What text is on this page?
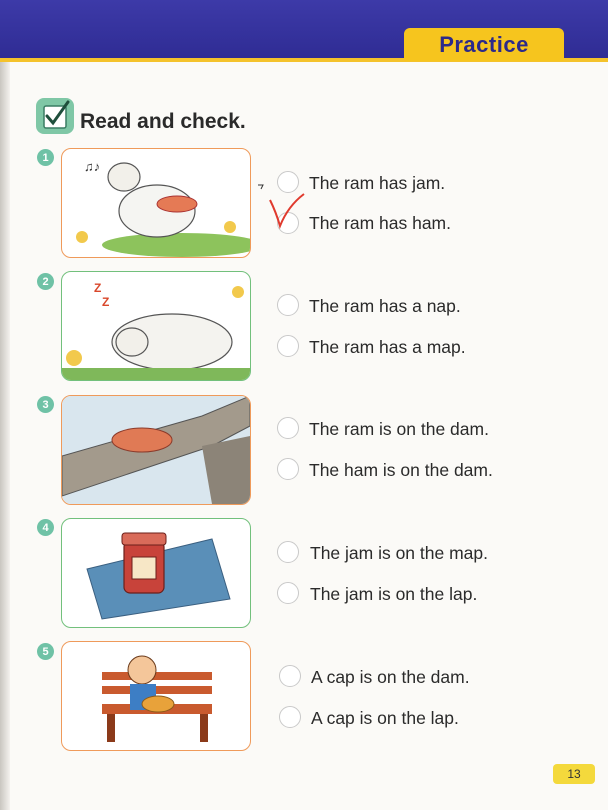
Practice
Read and check.
1
♫♪
The ram has jam.
The ram has ham.
2	Z
Z	The ram has a nap.
The ram has a map.
3
The ram is on the dam.
The ham is on the dam.
4
The jam is on the map.
The jam is on the lap.
5
A cap is on the dam.
A cap is on the lap.
13
